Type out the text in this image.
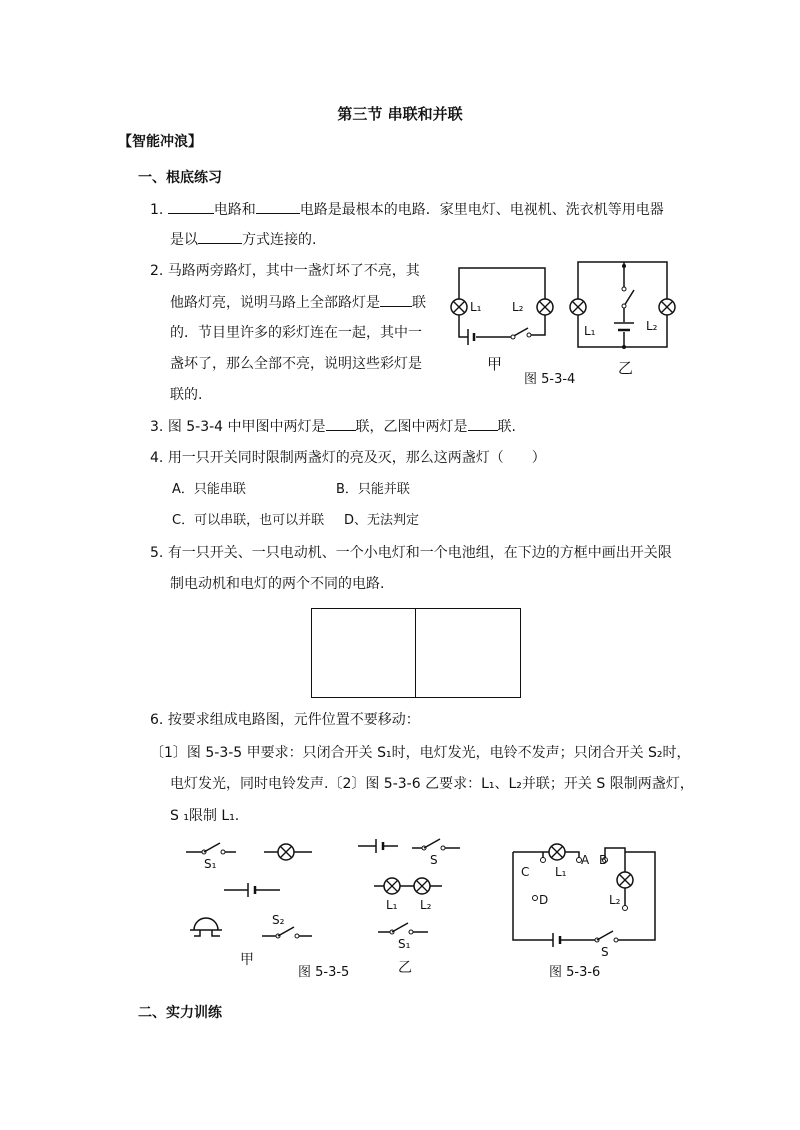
第三节 串联和并联
【智能冲浪】
一、根底练习
1.	电路和	电路是最根本的电路．家里电灯、电视机、洗衣机等用电器
是以	方式连接的.
2. 马路两旁路灯，其中一盏灯坏了不亮，其
他路灯亮，说明马路上全部路灯是 联
的．节目里许多的彩灯连在一起，其中一
盏坏了，那么全部不亮，说明这些彩灯是
联的.
L₁	L₂
甲
L₁	L₂
乙
图 5-3-4
3. 图 5-3-4 中甲图中两灯是 联，乙图中两灯是 联.
4. 用一只开关同时限制两盏灯的亮及灭，那么这两盏灯（　　）
A．只能串联	B．只能并联
C．可以串联，也可以并联 D、无法判定
5. 有一只开关、一只电动机、一个小电灯和一个电池组，在下边的方框中画出开关限
制电动机和电灯的两个不同的电路.
6. 按要求组成电路图，元件位置不要移动：
〔1〕图 5-3-5 甲要求：只闭合开关 S₁时，电灯发光，电铃不发声；只闭合开关 S₂时，
电灯发光，同时电铃发声.〔2〕图 5-3-6 乙要求：L₁、L₂并联；开关 S 限制两盏灯，
S ₁限制 L₁.
S₁
S₂
甲
S
L₁ L₂
S₁
乙
图 5-3-5
C
A B
D
L₁
L₂
S
图 5-3-6
二、实力训练
